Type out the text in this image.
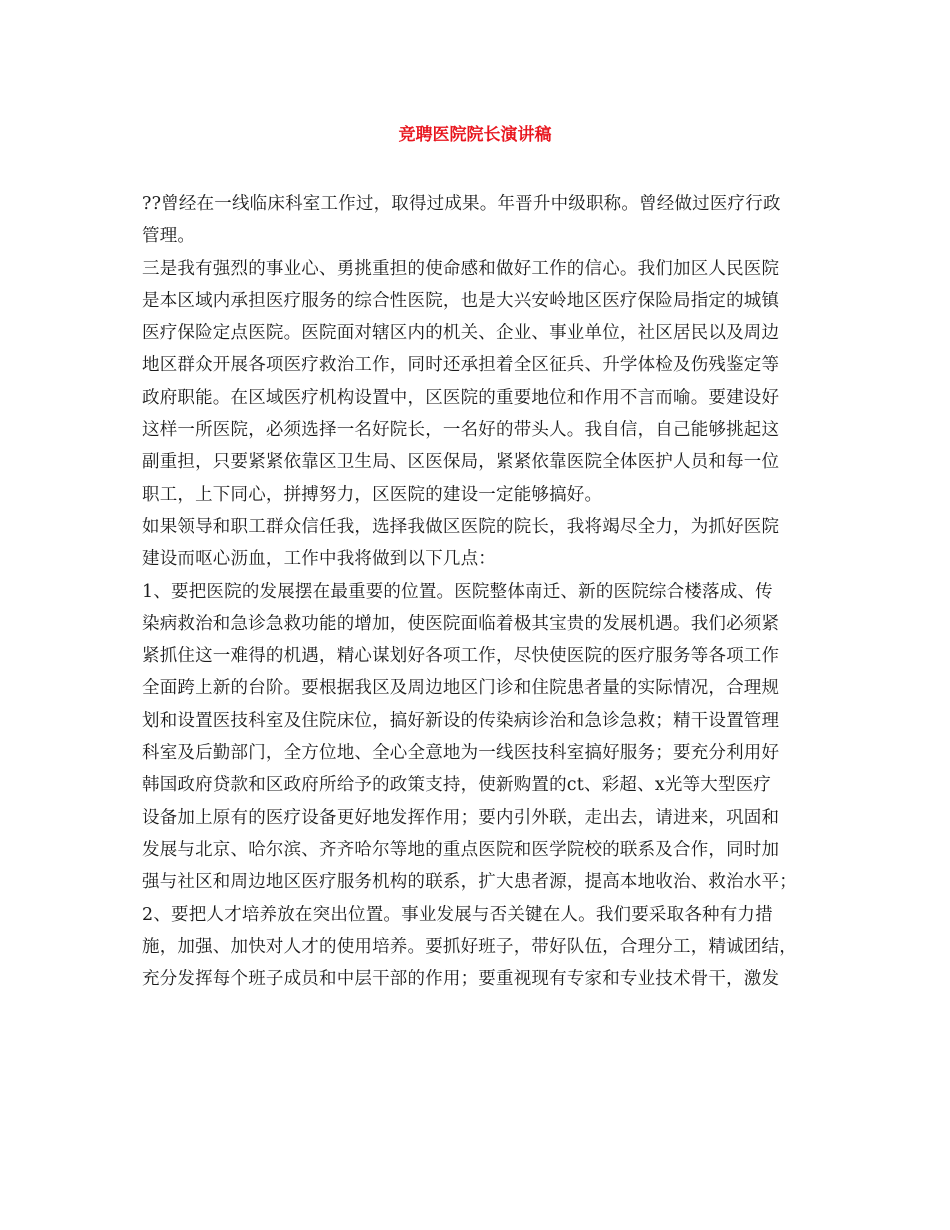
竞聘医院院长演讲稿
??曾经在一线临床科室工作过，取得过成果。年晋升中级职称。曾经做过医疗行政
管理。
三是我有强烈的事业心、勇挑重担的使命感和做好工作的信心。我们加区人民医院
是本区域内承担医疗服务的综合性医院，也是大兴安岭地区医疗保险局指定的城镇
医疗保险定点医院。医院面对辖区内的机关、企业、事业单位，社区居民以及周边
地区群众开展各项医疗救治工作，同时还承担着全区征兵、升学体检及伤残鉴定等
政府职能。在区域医疗机构设置中，区医院的重要地位和作用不言而喻。要建设好
这样一所医院，必须选择一名好院长，一名好的带头人。我自信，自己能够挑起这
副重担，只要紧紧依靠区卫生局、区医保局，紧紧依靠医院全体医护人员和每一位
职工，上下同心，拼搏努力，区医院的建设一定能够搞好。
如果领导和职工群众信任我，选择我做区医院的院长，我将竭尽全力，为抓好医院
建设而呕心沥血，工作中我将做到以下几点：
1、要把医院的发展摆在最重要的位置。医院整体南迁、新的医院综合楼落成、传
染病救治和急诊急救功能的增加，使医院面临着极其宝贵的发展机遇。我们必须紧
紧抓住这一难得的机遇，精心谋划好各项工作，尽快使医院的医疗服务等各项工作
全面跨上新的台阶。要根据我区及周边地区门诊和住院患者量的实际情况，合理规
划和设置医技科室及住院床位，搞好新设的传染病诊治和急诊急救；精干设置管理
科室及后勤部门，全方位地、全心全意地为一线医技科室搞好服务；要充分利用好
韩国政府贷款和区政府所给予的政策支持，使新购置的ct、彩超、x光等大型医疗
设备加上原有的医疗设备更好地发挥作用；要内引外联，走出去，请进来，巩固和
发展与北京、哈尔滨、齐齐哈尔等地的重点医院和医学院校的联系及合作，同时加
强与社区和周边地区医疗服务机构的联系，扩大患者源，提高本地收治、救治水平；
2、要把人才培养放在突出位置。事业发展与否关键在人。我们要采取各种有力措
施，加强、加快对人才的使用培养。要抓好班子，带好队伍，合理分工，精诚团结，
充分发挥每个班子成员和中层干部的作用；要重视现有专家和专业技术骨干，激发
